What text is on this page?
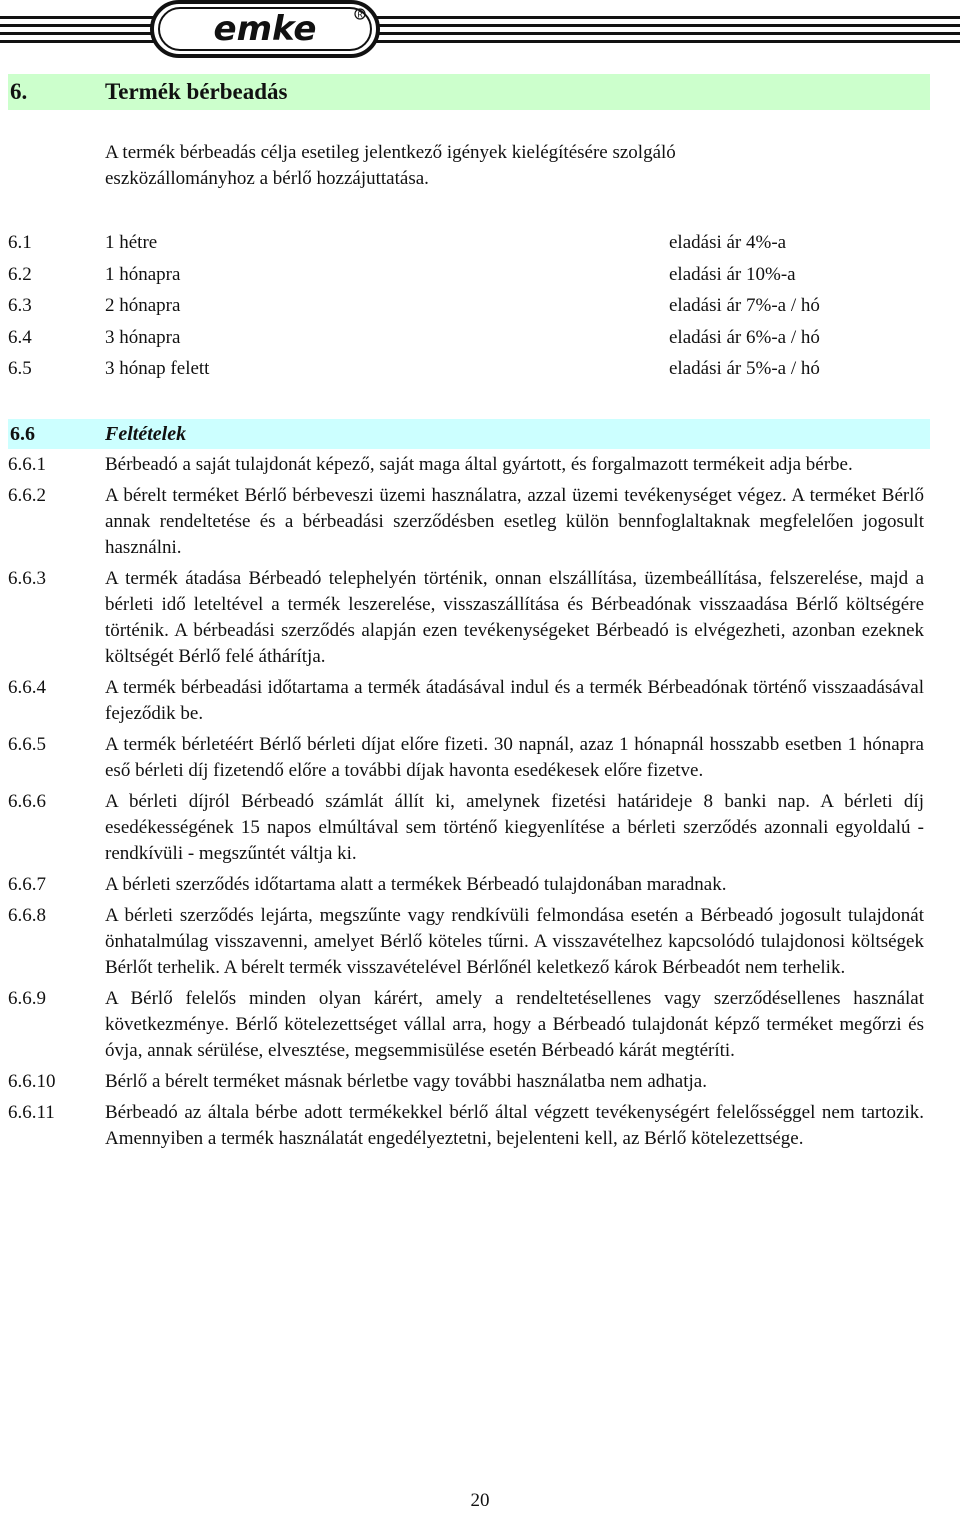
emke	R
6.	Termék bérbeadás
A termék bérbeadás célja esetileg jelentkező igények kielégítésére szolgáló eszközállományhoz a bérlő hozzájuttatása.
6.1	1 hétre	eladási ár 4%-a
6.2	1 hónapra	eladási ár 10%-a
6.3	2 hónapra	eladási ár 7%-a / hó
6.4	3 hónapra	eladási ár 6%-a / hó
6.5	3 hónap felett	eladási ár 5%-a / hó
6.6	Feltételek
6.6.1	Bérbeadó a saját tulajdonát képező, saját maga által gyártott, és forgalmazott termékeit adja bérbe.
6.6.2	A bérelt terméket Bérlő bérbeveszi üzemi használatra, azzal üzemi tevékenységet végez. A terméket Bérlő annak rendeltetése és a bérbeadási szerződésben esetleg külön bennfoglaltaknak megfelelően jogosult használni.
6.6.3	A termék átadása Bérbeadó telephelyén történik, onnan elszállítása, üzembeállítása, felszerelése, majd a bérleti idő leteltével a termék leszerelése, visszaszállítása és Bérbeadónak visszaadása Bérlő költségére történik. A bérbeadási szerződés alapján ezen tevékenységeket Bérbeadó is elvégezheti, azonban ezeknek költségét Bérlő felé áthárítja.
6.6.4	A termék bérbeadási időtartama a termék átadásával indul és a termék Bérbeadónak történő visszaadásával fejeződik be.
6.6.5	A termék bérletéért Bérlő bérleti díjat előre fizeti. 30 napnál, azaz 1 hónapnál hosszabb esetben 1 hónapra eső bérleti díj fizetendő előre a további díjak havonta esedékesek előre fizetve.
6.6.6	A bérleti díjról Bérbeadó számlát állít ki, amelynek fizetési határideje 8 banki nap. A bérleti díj esedékességének 15 napos elmúltával sem történő kiegyenlítése a bérleti szerződés azonnali egyoldalú - rendkívüli - megszűntét váltja ki.
6.6.7	A bérleti szerződés időtartama alatt a termékek Bérbeadó tulajdonában maradnak.
6.6.8	A bérleti szerződés lejárta, megszűnte vagy rendkívüli felmondása esetén a Bérbeadó jogosult tulajdonát önhatalmúlag visszavenni, amelyet Bérlő köteles tűrni. A visszavételhez kapcsolódó tulajdonosi költségek Bérlőt terhelik. A bérelt termék visszavételével Bérlőnél keletkező károk Bérbeadót nem terhelik.
6.6.9	A Bérlő felelős minden olyan kárért, amely a rendeltetésellenes vagy szerződésellenes használat következménye. Bérlő kötelezettséget vállal arra, hogy a Bérbeadó tulajdonát képző terméket megőrzi és óvja, annak sérülése, elvesztése, megsemmisülése esetén Bérbeadó kárát megtéríti.
6.6.10	Bérlő a bérelt terméket másnak bérletbe vagy további használatba nem adhatja.
6.6.11	Bérbeadó az általa bérbe adott termékekkel bérlő által végzett tevékenységért felelősséggel nem tartozik. Amennyiben a termék használatát engedélyeztetni, bejelenteni kell, az Bérlő kötelezettsége.
20
